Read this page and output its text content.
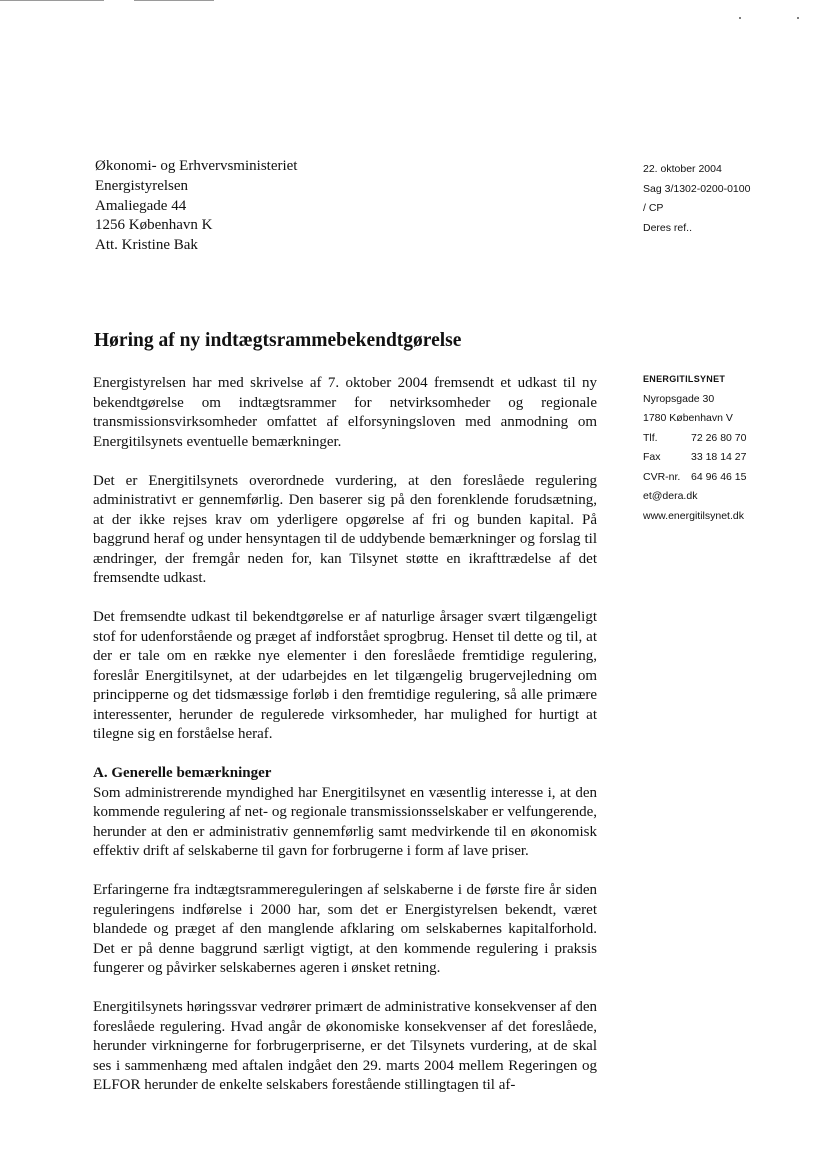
Økonomi- og Erhvervsministeriet
Energistyrelsen
Amaliegade 44
1256 København K
Att. Kristine Bak
22. oktober 2004
Sag 3/1302-0200-0100
/ CP
Deres ref..
Høring af ny indtægtsrammebekendtgørelse
ENERGITILSYNET
Nyropsgade 30
1780 København V
Tlf.	72 26 80 70
Fax	33 18 14 27
CVR-nr. 64 96 46 15
et@dera.dk
www.energitilsynet.dk

Energistyrelsen har med skrivelse af 7. oktober 2004 fremsendt et udkast til ny bekendtgørelse om indtægtsrammer for netvirksomheder og regionale transmissionsvirksomheder omfattet af elforsyningsloven med anmodning om Energitilsynets eventuelle bemærkninger.

Det er Energitilsynets overordnede vurdering, at den foreslåede regulering administrativt er gennemførlig. Den baserer sig på den forenklende forudsætning, at der ikke rejses krav om yderligere opgørelse af fri og bunden kapital. På baggrund heraf og under hensyntagen til de uddybende bemærkninger og forslag til ændringer, der fremgår neden for, kan Tilsynet støtte en ikrafttrædelse af det fremsendte udkast.

Det fremsendte udkast til bekendtgørelse er af naturlige årsager svært tilgængeligt stof for udenforstående og præget af indforstået sprogbrug. Henset til dette og til, at der er tale om en række nye elementer i den foreslåede fremtidige regulering, foreslår Energitilsynet, at der udarbejdes en let tilgængelig brugervejledning om principperne og det tidsmæssige forløb i den fremtidige regulering, så alle primære interessenter, herunder de regulerede virksomheder, har mulighed for hurtigt at tilegne sig en forståelse heraf.

A. Generelle bemærkninger

Som administrerende myndighed har Energitilsynet en væsentlig interesse i, at den kommende regulering af net- og regionale transmissionsselskaber er velfungerende, herunder at den er administrativ gennemførlig samt medvirkende til en økonomisk effektiv drift af selskaberne til gavn for forbrugerne i form af lave priser.

Erfaringerne fra indtægtsrammereguleringen af selskaberne i de første fire år siden reguleringens indførelse i 2000 har, som det er Energistyrelsen bekendt, været blandede og præget af den manglende afklaring om selskabernes kapitalforhold. Det er på denne baggrund særligt vigtigt, at den kommende regulering i praksis fungerer og påvirker selskabernes ageren i ønsket retning.

Energitilsynets høringssvar vedrører primært de administrative konsekvenser af den foreslåede regulering. Hvad angår de økonomiske konsekvenser af det foreslåede, herunder virkningerne for forbrugerpriserne, er det Tilsynets vurdering, at de skal ses i sammenhæng med aftalen indgået den 29. marts 2004 mellem Regeringen og ELFOR herunder de enkelte selskabers forestående stillingtagen til af-
